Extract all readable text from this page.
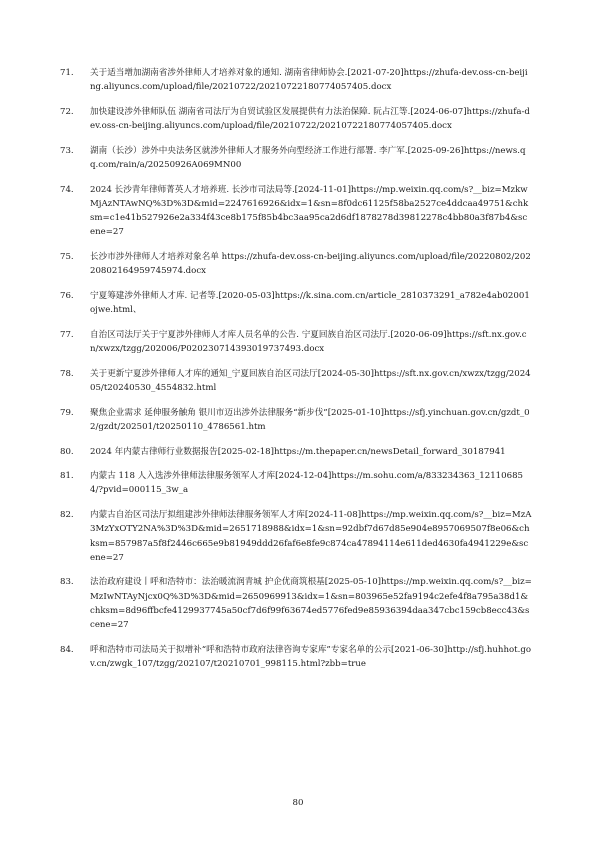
71.	关于适当增加湖南省涉外律师人才培养对象的通知. 湖南省律师协会.[2021-07-20]https://zhufa-dev.oss-cn-beijing.aliyuncs.com/upload/file/20210722/20210722180774057405.docx
72.	加快建设涉外律师队伍 湖南省司法厅为自贸试验区发展提供有力法治保障. 阮占江等.[2024-06-07]https://zhufa-dev.oss-cn-beijing.aliyuncs.com/upload/file/20210722/20210722180774057405.docx
73.	湖南（长沙）涉外中央法务区就涉外律师人才服务外向型经济工作进行部署. 李广军.[2025-09-26]https://news.qq.com/rain/a/20250926A069MN00
74.	2024 长沙青年律师菁英人才培养班. 长沙市司法局等.[2024-11-01]https://mp.weixin.qq.com/s?__biz=MzkwMjAzNTAwNQ%3D%3D&mid=2247616926&idx=1&sn=8f0dc61125f58ba2527ce4ddcaa49751&chksm=c1e41b527926e2a334f43ce8b175f85b4bc3aa95ca2d6df1878278d39812278c4bb80a3f87b4&scene=27
75.	长沙市涉外律师人才培养对象名单 https://zhufa-dev.oss-cn-beijing.aliyuncs.com/upload/file/20220802/20220802164959745974.docx
76.	宁夏筹建涉外律师人才库. 记者等.[2020-05-03]https://k.sina.com.cn/article_2810373291_a782e4ab02001ojwe.html、
77.	自治区司法厅关于宁夏涉外律师人才库人员名单的公告. 宁夏回族自治区司法厅.[2020-06-09]https://sft.nx.gov.cn/xwzx/tzgg/202006/P020230714393019737493.docx
78.	关于更新宁夏涉外律师人才库的通知_宁夏回族自治区司法厅[2024-05-30]https://sft.nx.gov.cn/xwzx/tzgg/202405/t20240530_4554832.html
79.	聚焦企业需求 延伸服务触角 银川市迈出涉外法律服务“新步伐”[2025-01-10]https://sfj.yinchuan.gov.cn/gzdt_02/gzdt/202501/t20250110_4786561.htm
80.	2024 年内蒙古律师行业数据报告[2025-02-18]https://m.thepaper.cn/newsDetail_forward_30187941
81.	内蒙古 118 人入选涉外律师法律服务领军人才库[2024-12-04]https://m.sohu.com/a/833234363_121106854/?pvid=000115_3w_a
82.	内蒙古自治区司法厅拟组建涉外律师法律服务领军人才库[2024-11-08]https://mp.weixin.qq.com/s?__biz=MzA3MzYxOTY2NA%3D%3D&mid=2651718988&idx=1&sn=92dbf7d67d85e904e8957069507f8e06&chksm=857987a5f8f2446c665e9b81949ddd26faf6e8fe9c874ca47894114e611ded4630fa4941229e&scene=27
83.	法治政府建设丨呼和浩特市：法治暖流润青城 护企优商筑根基[2025-05-10]https://mp.weixin.qq.com/s?__biz=MzIwNTAyNjcx0Q%3D%3D&mid=2650969913&idx=1&sn=803965e52fa9194c2efe4f8a795a38d1&chksm=8d96ffbcfe4129937745a50cf7d6f99f63674ed5776fed9e85936394daa347cbc159cb8ecc43&scene=27
84.	呼和浩特市司法局关于拟增补“呼和浩特市政府法律咨询专家库”专家名单的公示[2021-06-30]http://sfj.huhhot.gov.cn/zwgk_107/tzgg/202107/t20210701_998115.html?zbb=true
80
